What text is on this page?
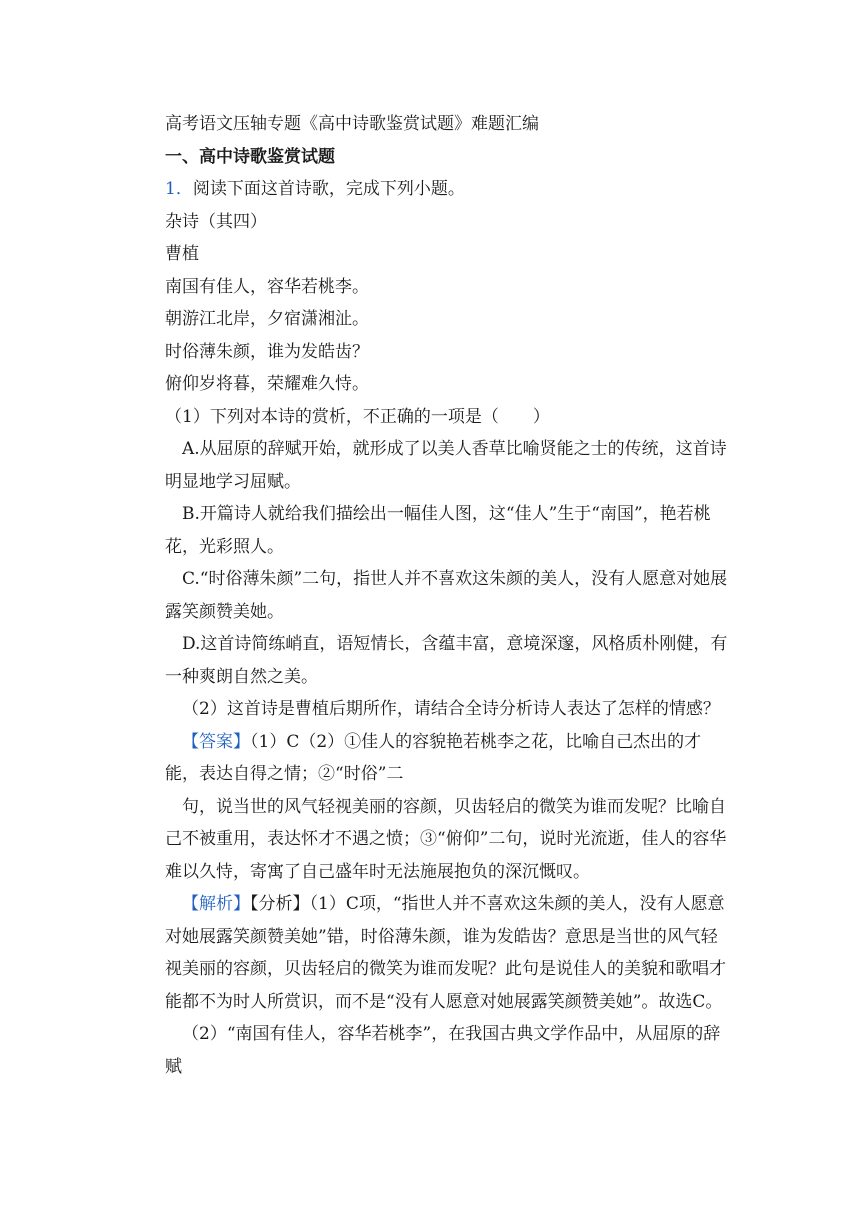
高考语文压轴专题《高中诗歌鉴赏试题》难题汇编

一、高中诗歌鉴赏试题

1．阅读下面这首诗歌，完成下列小题。

杂诗（其四）

曹植

南国有佳人，容华若桃李。

朝游江北岸，夕宿潇湘沚。

时俗薄朱颜，谁为发皓齿？

俯仰岁将暮，荣耀难久恃。

（1）下列对本诗的赏析，不正确的一项是（　　）

A.从屈原的辞赋开始，就形成了以美人香草比喻贤能之士的传统，这首诗明显地学习屈赋。

B.开篇诗人就给我们描绘出一幅佳人图，这“佳人”生于“南国”，艳若桃花，光彩照人。

C.“时俗薄朱颜”二句，指世人并不喜欢这朱颜的美人，没有人愿意对她展露笑颜赞美她。

D.这首诗简练峭直，语短情长，含蕴丰富，意境深邃，风格质朴刚健，有一种爽朗自然之美。

（2）这首诗是曹植后期所作，请结合全诗分析诗人表达了怎样的情感？

【答案】（1）C（2）①佳人的容貌艳若桃李之花，比喻自己杰出的才能，表达自得之情；②“时俗”二

句，说当世的风气轻视美丽的容颜，贝齿轻启的微笑为谁而发呢？比喻自己不被重用，表达怀才不遇之愤；③“俯仰”二句，说时光流逝，佳人的容华难以久恃，寄寓了自己盛年时无法施展抱负的深沉慨叹。

【解析】【分析】（1）C项，“指世人并不喜欢这朱颜的美人，没有人愿意对她展露笑颜赞美她”错，时俗薄朱颜，谁为发皓齿？意思是当世的风气轻视美丽的容颜，贝齿轻启的微笑为谁而发呢？此句是说佳人的美貌和歌唱才能都不为时人所赏识，而不是“没有人愿意对她展露笑颜赞美她”。故选C。

（2）“南国有佳人，容华若桃李”，在我国古典文学作品中，从屈原的辞赋
